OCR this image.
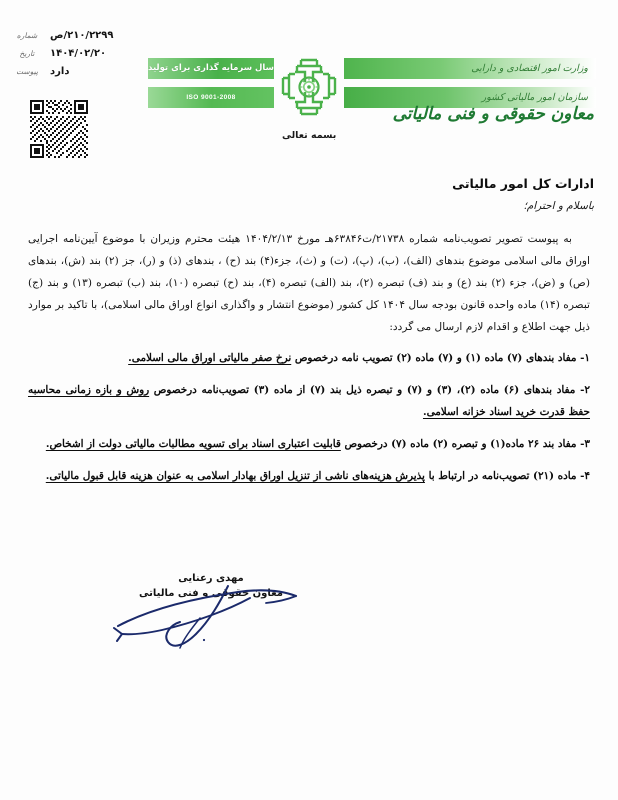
سال سرمایه گذاری برای تولید
ISO 9001-2008
وزارت امور اقتصادی و دارایی
سازمان امور مالیاتی کشور
شماره ۲۱۰/۲۲۹۹/ص
تاریخ	۱۴۰۴/۰۲/۲۰
پیوست دارد
معاون حقوقی و فنی مالیاتی
بسمه تعالی
ادارات کل امور مالیاتی
باسلام و احترام؛

به پیوست تصویر تصویب‌نامه شماره ۲۱۷۳۸/ت۶۳۸۴۶هـ مورخ ۱۴۰۴/۲/۱۳ هیئت محترم وزیران با موضوع آیین‌نامه اجرایی اوراق مالی اسلامی موضوع بندهای (الف)، (ب)، (پ)، (ت) و (ث)، جزء(۴) بند (ح) ، بندهای (ذ) و (ر)، جز (۲) بند (ش)، بندهای (ص) و (ض)، جزء (۲) بند (ع) و بند (ف) تبصره (۲)، بند (الف) تبصره (۴)، بند (ح) تبصره (۱۰)، بند (ب) تبصره (۱۳) و بند (ج) تبصره (۱۴) ماده واحده قانون بودجه سال ۱۴۰۴ کل کشور (موضوع انتشار و واگذاری انواع اوراق مالی اسلامی)، با تاکید بر موارد ذیل جهت اطلاع و اقدام لازم ارسال می گردد:

۱- مفاد بندهای (۷) ماده (۱) و (۷) ماده (۲) تصویب نامه درخصوص نرخ صفر مالیاتی اوراق مالی اسلامی.
۲- مفاد بندهای (۶) ماده (۲)، (۳) و (۷) و تبصره ذیل بند (۷) از ماده (۳) تصویب‌نامه درخصوص روش و بازه زمانی محاسبه حفظ قدرت خرید اسناد خزانه اسلامی.
۳- مفاد بند ۲۶ ماده(۱) و تبصره (۲) ماده (۷) درخصوص قابلیت اعتباری اسناد برای تسویه مطالبات مالیاتی دولت از اشخاص.
۴- ماده (۲۱) تصویب‌نامه در ارتباط با پذیرش هزینه‌های ناشی از تنزیل اوراق بهادار اسلامی به عنوان هزینه قابل قبول مالیاتی.
مهدی رعنایی
معاون حقوقی و فنی مالیاتی
